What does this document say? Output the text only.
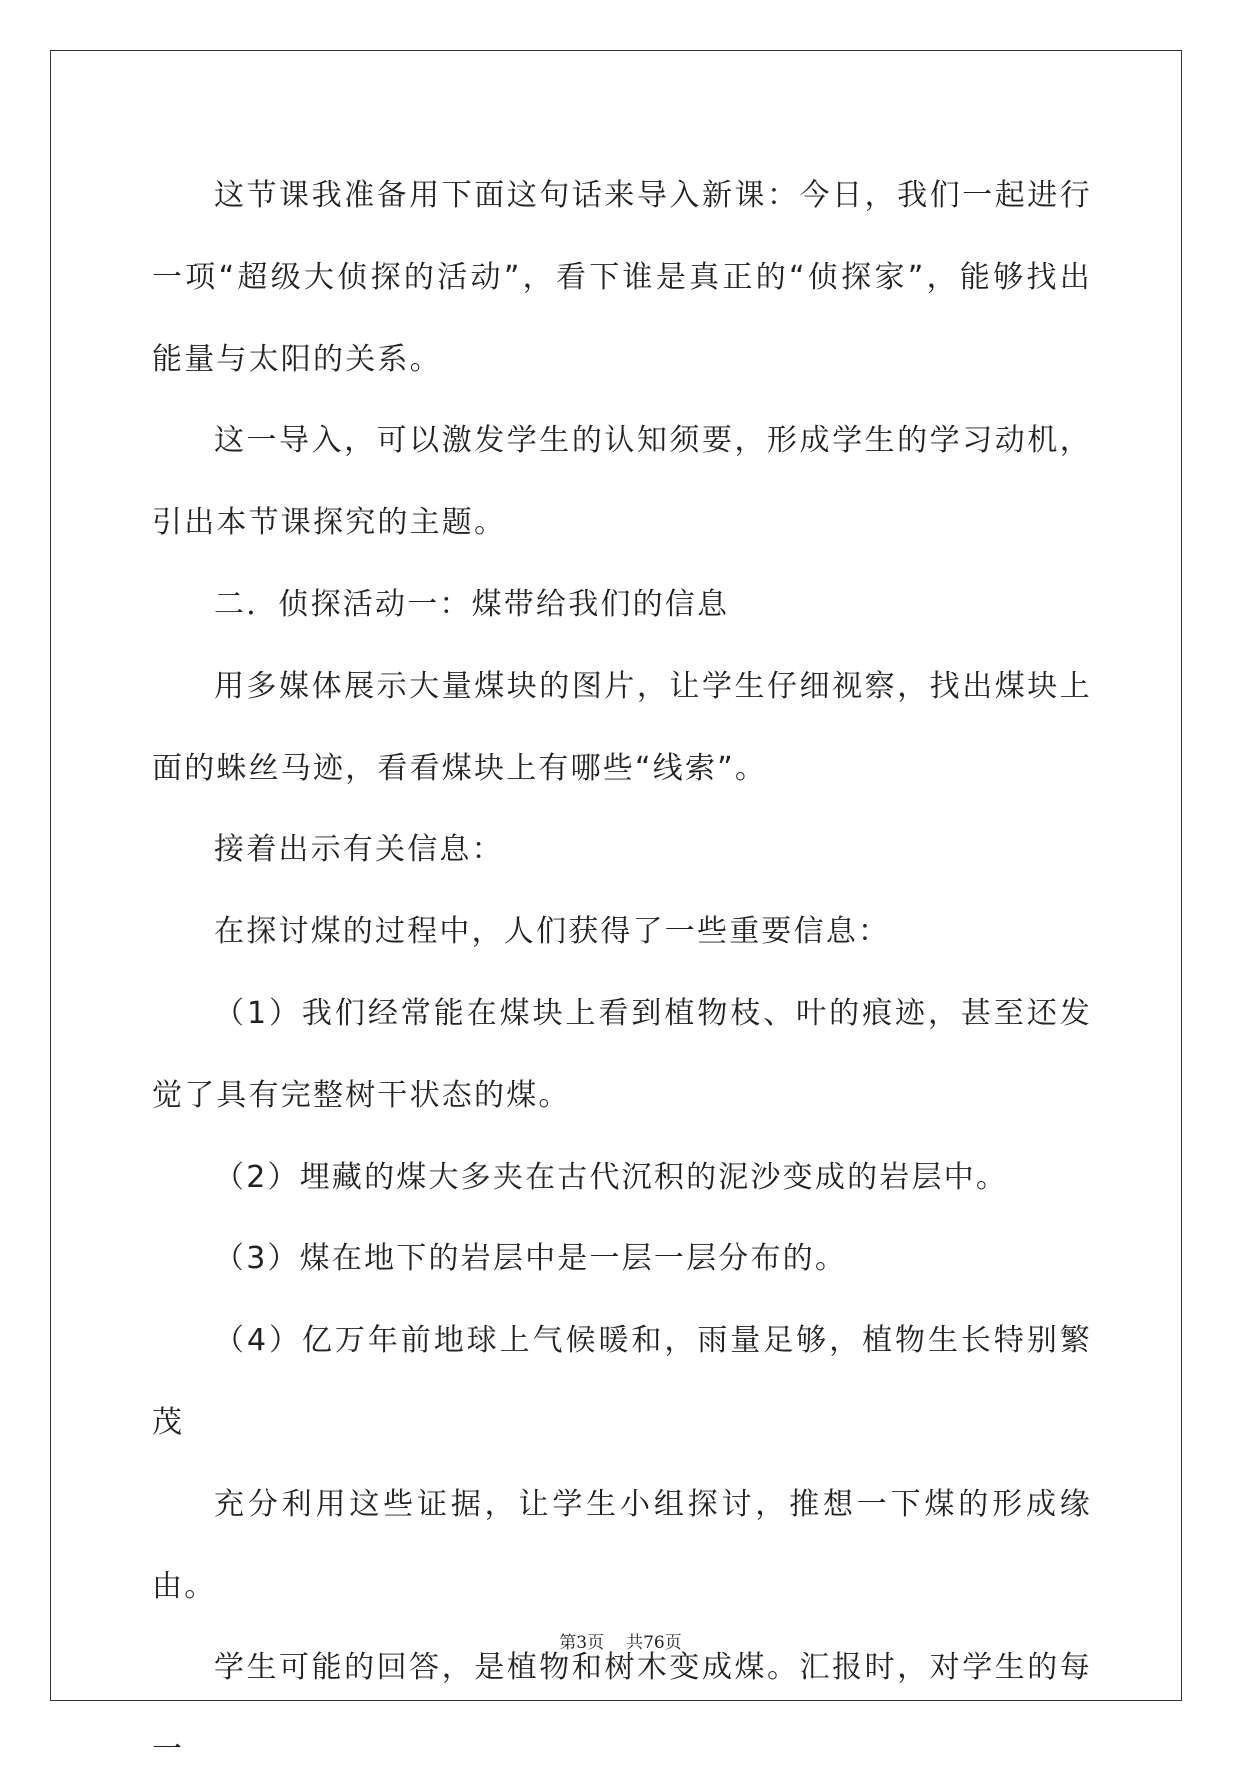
这节课我准备用下面这句话来导入新课：今日，我们一起进行一项“超级大侦探的活动”，看下谁是真正的“侦探家”，能够找出能量与太阳的关系。

这一导入，可以激发学生的认知须要，形成学生的学习动机，引出本节课探究的主题。

二．侦探活动一：煤带给我们的信息

用多媒体展示大量煤块的图片，让学生仔细视察，找出煤块上面的蛛丝马迹，看看煤块上有哪些“线索”。

接着出示有关信息：

在探讨煤的过程中，人们获得了一些重要信息：

（1）我们经常能在煤块上看到植物枝、叶的痕迹，甚至还发觉了具有完整树干状态的煤。

（2）埋藏的煤大多夹在古代沉积的泥沙变成的岩层中。

（3）煤在地下的岩层中是一层一层分布的。

（4）亿万年前地球上气候暖和，雨量足够，植物生长特别繁茂

充分利用这些证据，让学生小组探讨，推想一下煤的形成缘由。

学生可能的回答，是植物和树木变成煤。汇报时，对学生的每一

第3页 共76页
